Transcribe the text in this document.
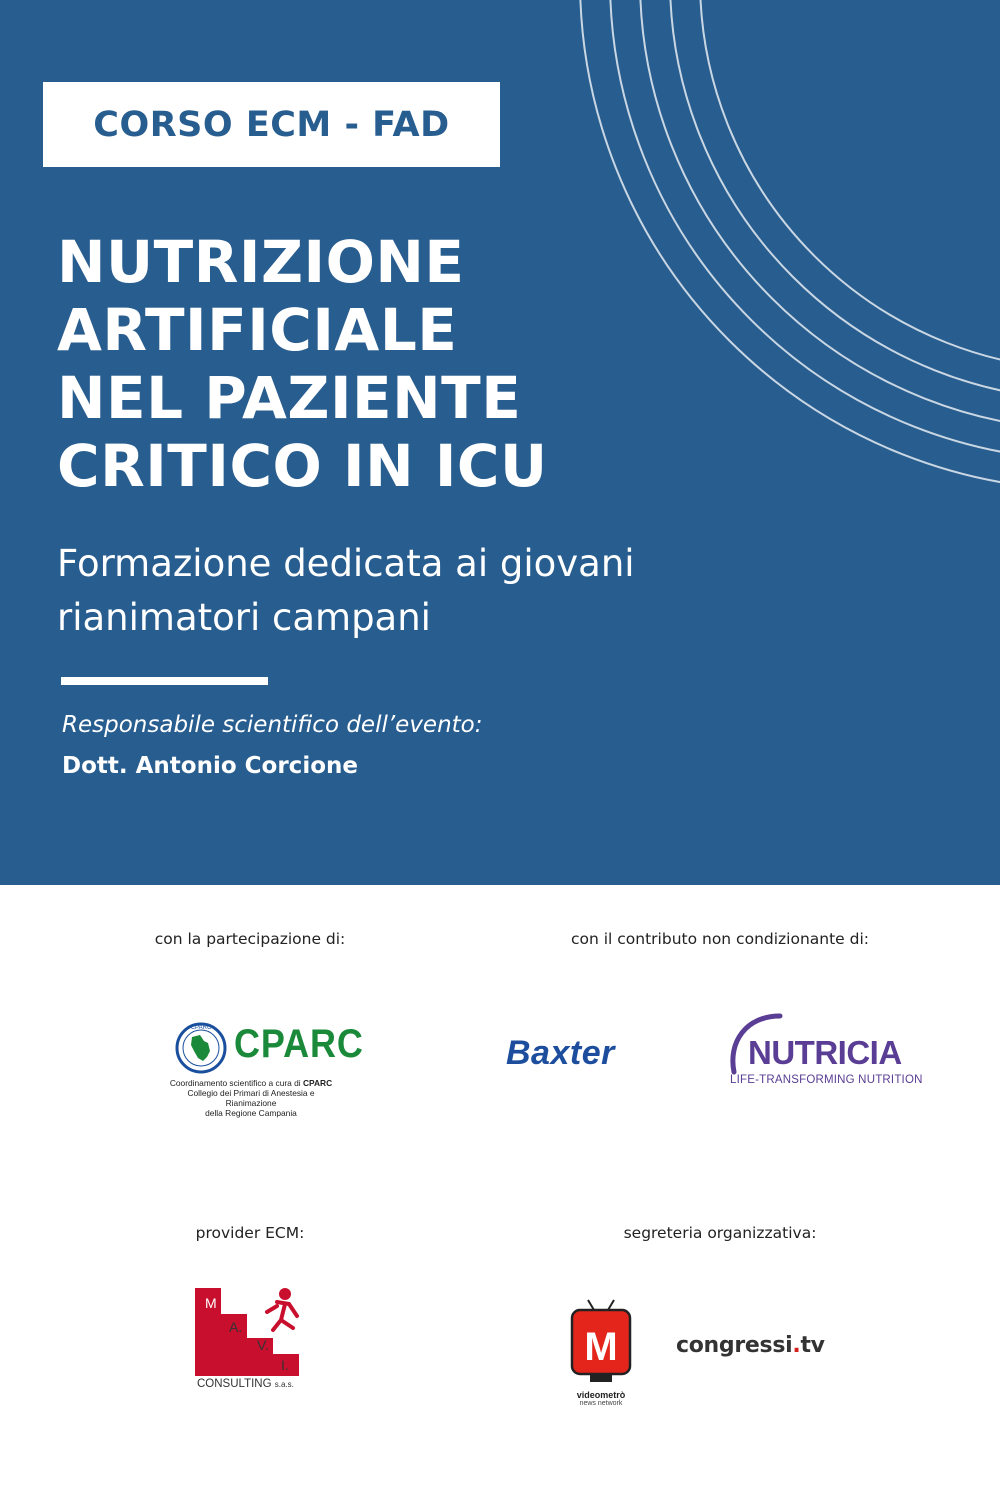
CORSO ECM - FAD
NUTRIZIONE
ARTIFICIALE
NEL PAZIENTE
CRITICO IN ICU
Formazione dedicata ai giovani
rianimatori campani
Responsabile scientifico dell’evento:
Dott. Antonio Corcione
con la partecipazione di:	con il contributo non condizionante di:
provider ECM:	segreteria organizzativa:
CPARC CPARC
Coordinamento scientifico a cura di CPARC
Collegio dei Primari di Anestesia e Rianimazione
della Regione Campania
Baxter	NUTRICIA
LIFE-TRANSFORMING NUTRITION
M
A.
V.
I.
CONSULTING s.a.s.
M
videometrò
news network
congressi.tv
